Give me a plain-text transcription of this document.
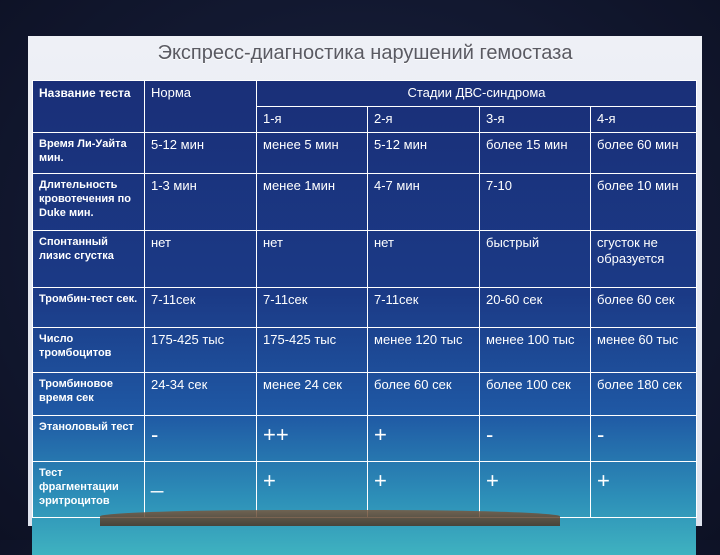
Экспресс-диагностика нарушений гемостаза
Название теста	Норма	Стадии ДВС-синдрома			
		1-я	2-я	3-я	4-я
Время Ли-Уайта мин.	5-12 мин	менее 5 мин	5-12 мин	более 15 мин	более 60 мин
Длительность кровотечения по Duke мин.	1-3 мин	менее 1мин	4-7 мин	7-10	более 10 мин
Спонтанный лизис сгустка	нет	нет	нет	быстрый	сгусток не образуется
Тромбин-тест сек.	7-11сек	7-11сек	7-11сек	20-60 сек	более 60 сек
Число тромбоцитов	175-425 тыс	175-425 тыс	менее 120 тыс	менее 100 тыс	менее 60 тыс
Тромбиновое время сек	24-34 сек	менее 24 сек	более 60 сек	более 100 сек	более 180 сек
Этаноловый тест	-	++	+	-	-
Тест фрагментации эритроцитов	_	+	+	+	+
